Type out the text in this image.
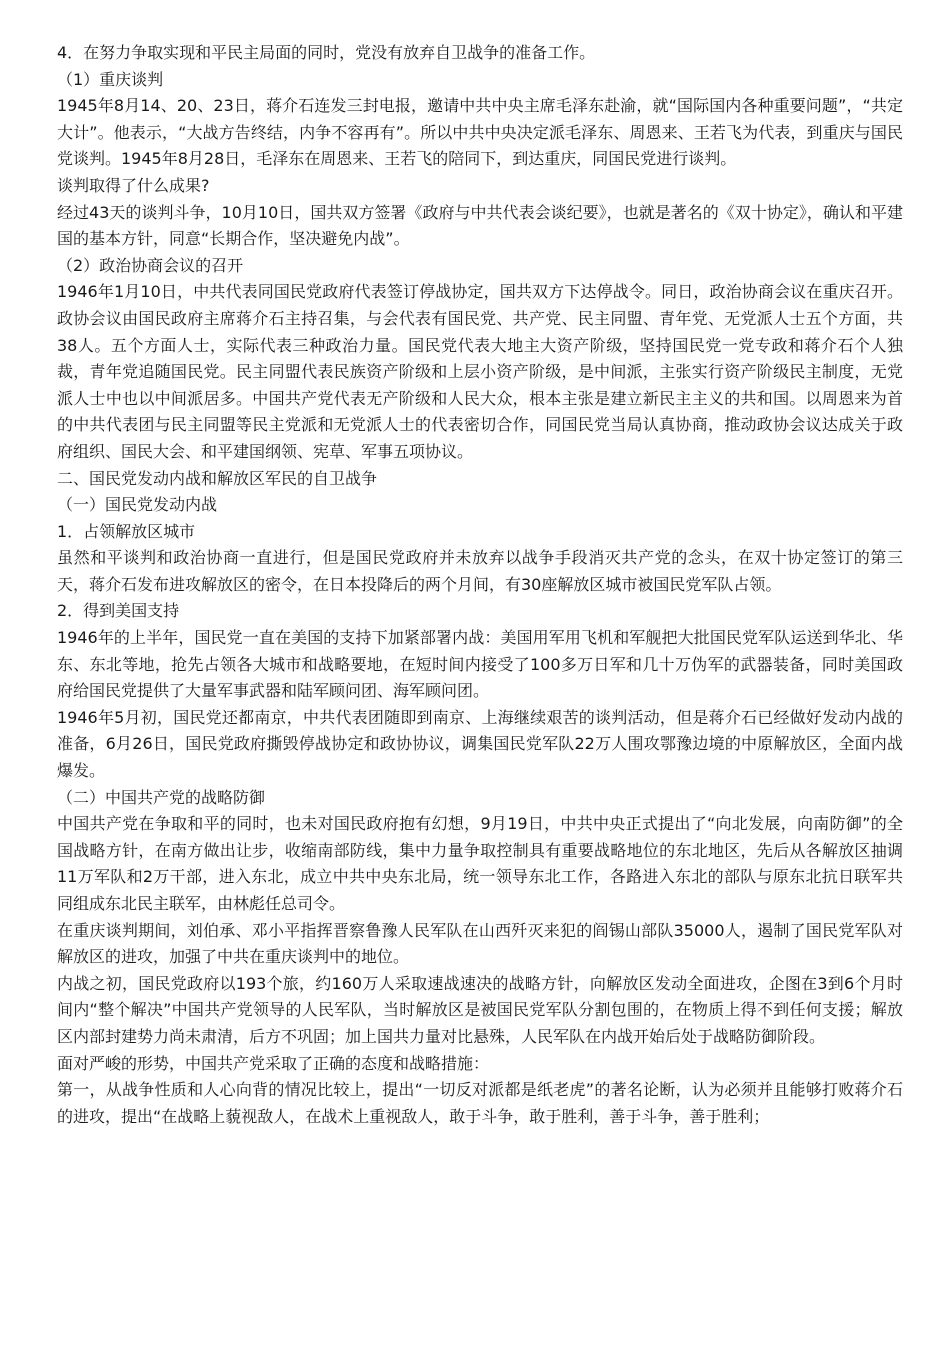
4．在努力争取实现和平民主局面的同时，党没有放弃自卫战争的准备工作。

（1）重庆谈判

1945年8月14、20、23日，蒋介石连发三封电报，邀请中共中央主席毛泽东赴渝，就“国际国内各种重要问题”，“共定大计”。他表示，“大战方告终结，内争不容再有”。所以中共中央决定派毛泽东、周恩来、王若飞为代表，到重庆与国民党谈判。1945年8月28日，毛泽东在周恩来、王若飞的陪同下，到达重庆，同国民党进行谈判。

谈判取得了什么成果?

经过43天的谈判斗争，10月10日，国共双方签署《政府与中共代表会谈纪要》，也就是著名的《双十协定》，确认和平建国的基本方针，同意“长期合作，坚决避免内战”。

（2）政治协商会议的召开

1946年1月10日，中共代表同国民党政府代表签订停战协定，国共双方下达停战令。同日，政治协商会议在重庆召开。政协会议由国民政府主席蒋介石主持召集，与会代表有国民党、共产党、民主同盟、青年党、无党派人士五个方面，共38人。五个方面人士，实际代表三种政治力量。国民党代表大地主大资产阶级，坚持国民党一党专政和蒋介石个人独裁，青年党追随国民党。民主同盟代表民族资产阶级和上层小资产阶级，是中间派，主张实行资产阶级民主制度，无党派人士中也以中间派居多。中国共产党代表无产阶级和人民大众，根本主张是建立新民主主义的共和国。以周恩来为首的中共代表团与民主同盟等民主党派和无党派人士的代表密切合作，同国民党当局认真协商，推动政协会议达成关于政府组织、国民大会、和平建国纲领、宪草、军事五项协议。

二、国民党发动内战和解放区军民的自卫战争

（一）国民党发动内战

1．占领解放区城市

虽然和平谈判和政治协商一直进行，但是国民党政府并未放弃以战争手段消灭共产党的念头，在双十协定签订的第三天，蒋介石发布进攻解放区的密令，在日本投降后的两个月间，有30座解放区城市被国民党军队占领。

2．得到美国支持

1946年的上半年，国民党一直在美国的支持下加紧部署内战：美国用军用飞机和军舰把大批国民党军队运送到华北、华东、东北等地，抢先占领各大城市和战略要地，在短时间内接受了100多万日军和几十万伪军的武器装备，同时美国政府给国民党提供了大量军事武器和陆军顾问团、海军顾问团。

1946年5月初，国民党还都南京，中共代表团随即到南京、上海继续艰苦的谈判活动，但是蒋介石已经做好发动内战的准备，6月26日，国民党政府撕毁停战协定和政协协议，调集国民党军队22万人围攻鄂豫边境的中原解放区，全面内战爆发。

（二）中国共产党的战略防御

中国共产党在争取和平的同时，也未对国民政府抱有幻想，9月19日，中共中央正式提出了“向北发展，向南防御”的全国战略方针，在南方做出让步，收缩南部防线，集中力量争取控制具有重要战略地位的东北地区，先后从各解放区抽调11万军队和2万干部，进入东北，成立中共中央东北局，统一领导东北工作，各路进入东北的部队与原东北抗日联军共同组成东北民主联军，由林彪任总司令。

在重庆谈判期间，刘伯承、邓小平指挥晋察鲁豫人民军队在山西歼灭来犯的阎锡山部队35000人，遏制了国民党军队对解放区的进攻，加强了中共在重庆谈判中的地位。

内战之初，国民党政府以193个旅，约160万人采取速战速决的战略方针，向解放区发动全面进攻，企图在3到6个月时间内“整个解决”中国共产党领导的人民军队，当时解放区是被国民党军队分割包围的，在物质上得不到任何支援；解放区内部封建势力尚未肃清，后方不巩固；加上国共力量对比悬殊，人民军队在内战开始后处于战略防御阶段。

面对严峻的形势，中国共产党采取了正确的态度和战略措施：

第一，从战争性质和人心向背的情况比较上，提出“一切反对派都是纸老虎”的著名论断，认为必须并且能够打败蒋介石的进攻，提出“在战略上藐视敌人，在战术上重视敌人，敢于斗争，敢于胜利，善于斗争，善于胜利；
